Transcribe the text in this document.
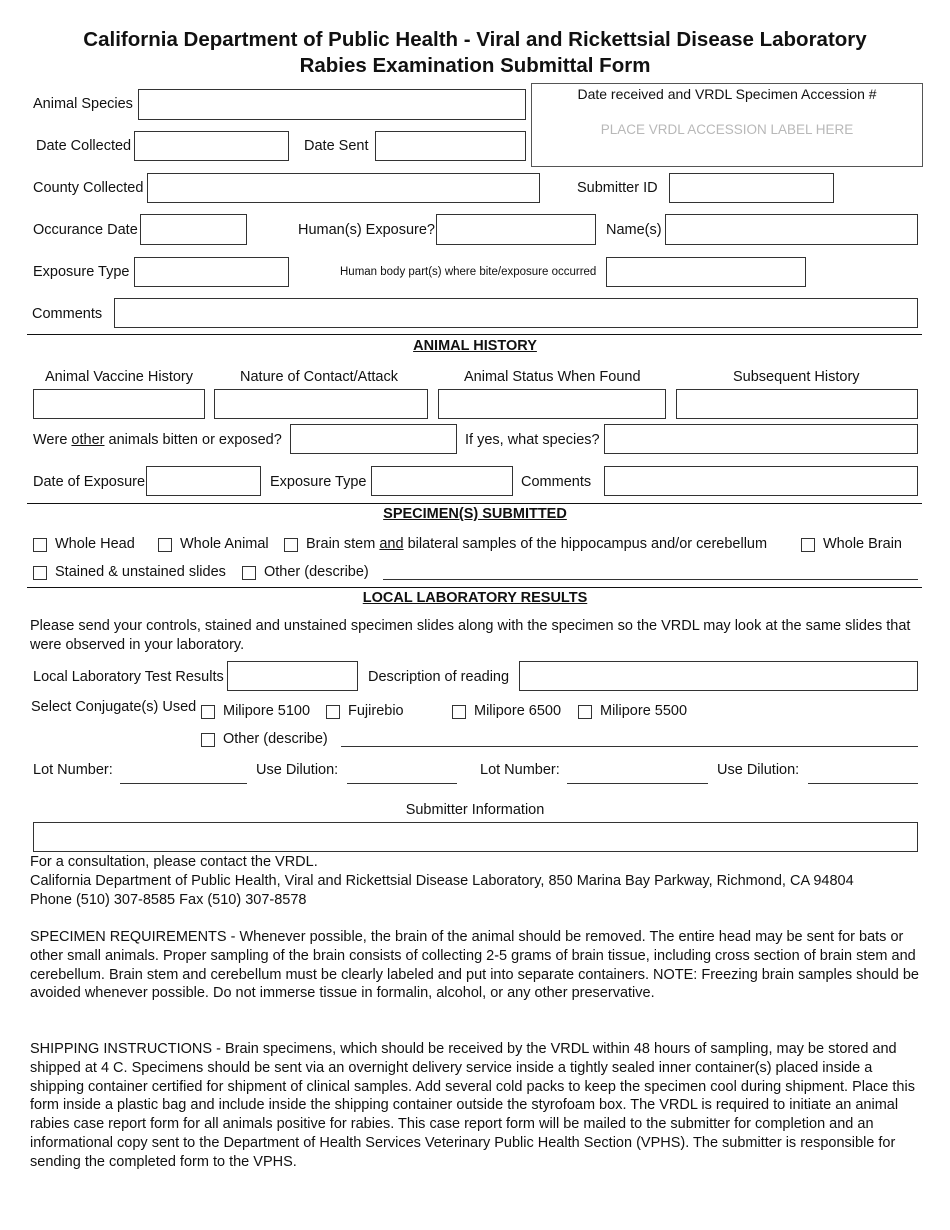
California Department of Public Health - Viral and Rickettsial Disease Laboratory
Rabies Examination Submittal Form
Date received and VRDL Specimen Accession #
PLACE VRDL ACCESSION LABEL HERE
Animal Species
Date Collected	Date Sent
County Collected	Submitter ID
Occurance Date	Human(s) Exposure?	Name(s)
Exposure Type	Human body part(s) where bite/exposure occurred
Comments
ANIMAL HISTORY
Animal Vaccine History	Nature of Contact/Attack	Animal Status When Found	Subsequent History
Were other animals bitten or exposed?	If yes, what species?
Date of Exposure	Exposure Type	Comments
SPECIMEN(S) SUBMITTED
Whole Head	Whole Animal	Brain stem and bilateral samples of the hippocampus and/or cerebellum	Whole Brain
Stained & unstained slides	Other (describe)
LOCAL LABORATORY RESULTS
Please send your controls, stained and unstained specimen slides along with the specimen so the VRDL may look at the same slides that were observed in your laboratory.
Local Laboratory Test Results	Description of reading
Select Conjugate(s) Used Milipore 5100	Fujirebio	Milipore 6500	Milipore 5500
Other (describe)
Lot Number:	Use Dilution:	Lot Number:	Use Dilution:
Submitter Information
For a consultation, please contact the VRDL.
California Department of Public Health, Viral and Rickettsial Disease Laboratory, 850 Marina Bay Parkway, Richmond, CA 94804
Phone (510) 307-8585 Fax (510) 307-8578
SPECIMEN REQUIREMENTS - Whenever possible, the brain of the animal should be removed. The entire head may be sent for bats or other small animals. Proper sampling of the brain consists of collecting 2-5 grams of brain tissue, including cross section of brain stem and cerebellum. Brain stem and cerebellum must be clearly labeled and put into separate containers. NOTE: Freezing brain samples should be avoided whenever possible. Do not immerse tissue in formalin, alcohol, or any other preservative.
SHIPPING INSTRUCTIONS - Brain specimens, which should be received by the VRDL within 48 hours of sampling, may be stored and shipped at 4 C. Specimens should be sent via an overnight delivery service inside a tightly sealed inner container(s) placed inside a shipping container certified for shipment of clinical samples. Add several cold packs to keep the specimen cool during shipment. Place this form inside a plastic bag and include inside the shipping container outside the styrofoam box. The VRDL is required to initiate an animal rabies case report form for all animals positive for rabies. This case report form will be mailed to the submitter for completion and an informational copy sent to the Department of Health Services Veterinary Public Health Section (VPHS). The submitter is responsible for sending the completed form to the VPHS.
